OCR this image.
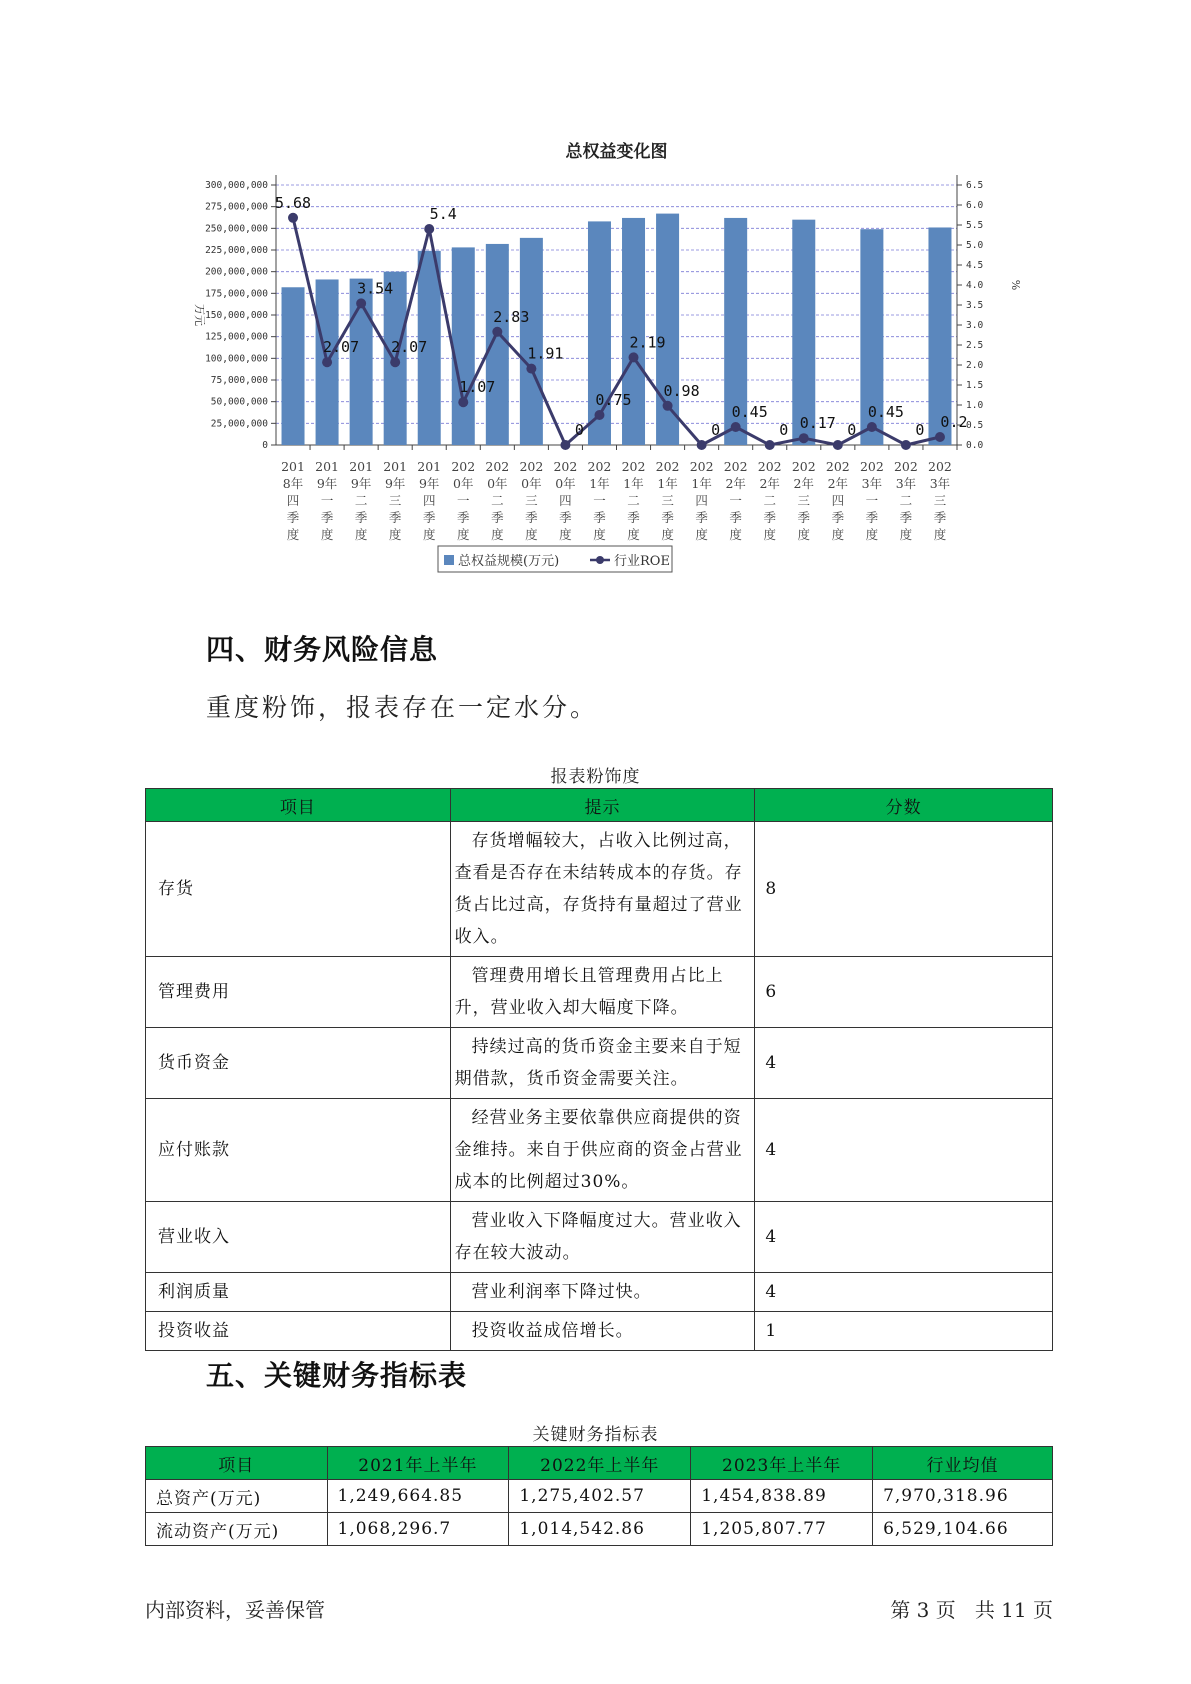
总权益变化图
0
25,000,000
50,000,000
75,000,000
100,000,000
125,000,000
150,000,000
175,000,000
200,000,000
225,000,000
250,000,000
275,000,000
300,000,000
0.0
0.5
1.0
1.5
2.0
2.5
3.0
3.5
4.0
4.5
5.0
5.5
6.0
6.5
万元
%
201
8年
四
季
度
201
9年
一
季
度
201
9年
二
季
度
201
9年
三
季
度
201
9年
四
季
度
202
0年
一
季
度
202
0年
二
季
度
202
0年
三
季
度
202
0年
四
季
度
202
1年
一
季
度
202
1年
二
季
度
202
1年
三
季
度
202
1年
四
季
度
202
2年
一
季
度
202
2年
二
季
度
202
2年
三
季
度
202
2年
四
季
度
202
3年
一
季
度
202
3年
二
季
度
202
3年
三
季
度
5.68
2.07
3.54
2.07
5.4
1.07
2.83
1.91
0
0.75
2.19
0.98
0
0.45
0 0.17 0
0.45
0 0.2
总权益规模(万元)	行业ROE
四、财务风险信息

重度粉饰，报表存在一定水分。

报表粉饰度
项目	提示	分数
存货	存货增幅较大，占收入比例过高，查看是否存在未结转成本的存货。存货占比过高，存货持有量超过了营业收入。	8
管理费用	管理费用增长且管理费用占比上升，营业收入却大幅度下降。	6
货币资金	持续过高的货币资金主要来自于短期借款，货币资金需要关注。	4
应付账款	经营业务主要依靠供应商提供的资金维持。来自于供应商的资金占营业成本的比例超过30%。	4
营业收入	营业收入下降幅度过大。营业收入存在较大波动。	4
利润质量	营业利润率下降过快。	4
投资收益	投资收益成倍增长。	1
五、关键财务指标表
关键财务指标表
项目	2021年上半年	2022年上半年	2023年上半年	行业均值
总资产(万元)	1,249,664.85	1,275,402.57	1,454,838.89	7,970,318.96
流动资产(万元)	1,068,296.7	1,014,542.86	1,205,807.77	6,529,104.66
内部资料，妥善保管	第 3 页   共 11 页
